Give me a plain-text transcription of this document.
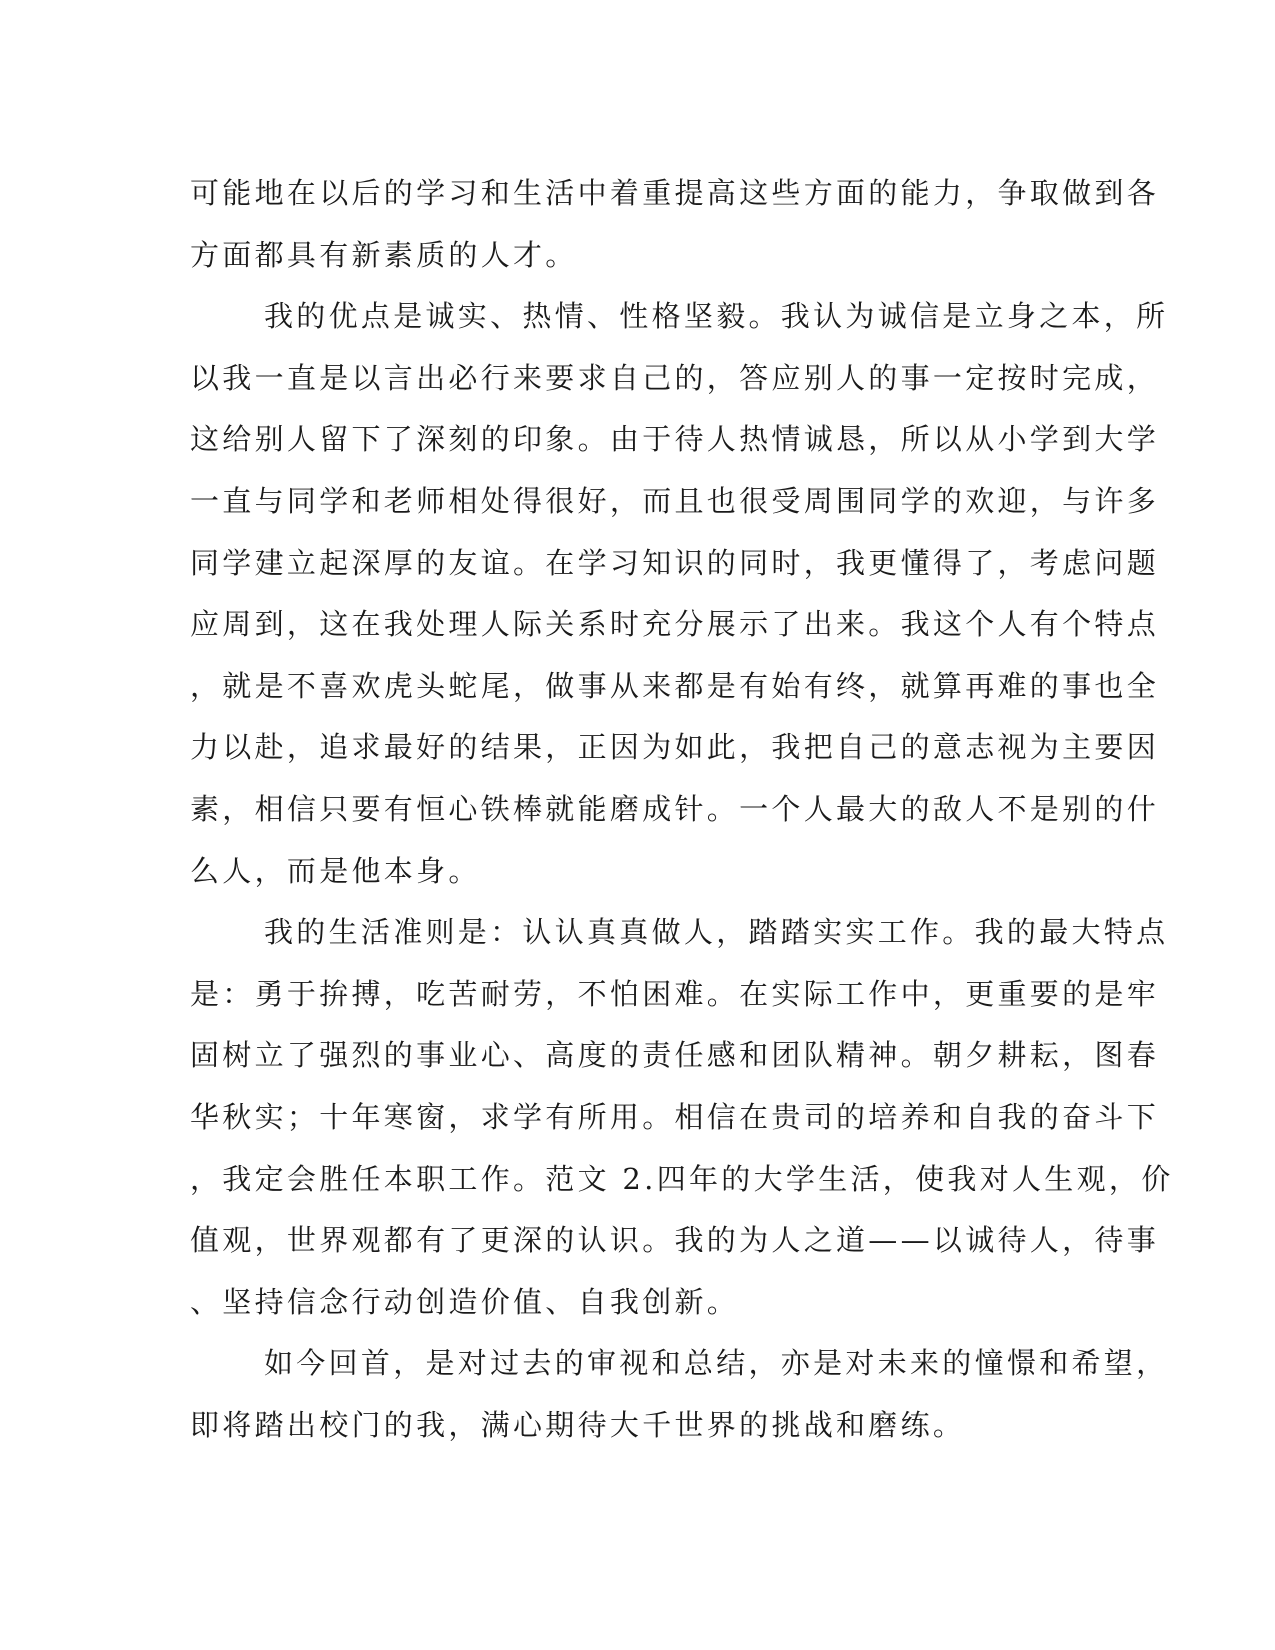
可能地在以后的学习和生活中着重提高这些方面的能力，争取做到各
方面都具有新素质的人才。
我的优点是诚实、热情、性格坚毅。我认为诚信是立身之本，所
以我一直是以言出必行来要求自己的，答应别人的事一定按时完成，
这给别人留下了深刻的印象。由于待人热情诚恳，所以从小学到大学
一直与同学和老师相处得很好，而且也很受周围同学的欢迎，与许多
同学建立起深厚的友谊。在学习知识的同时，我更懂得了，考虑问题
应周到，这在我处理人际关系时充分展示了出来。我这个人有个特点
，就是不喜欢虎头蛇尾，做事从来都是有始有终，就算再难的事也全
力以赴，追求最好的结果，正因为如此，我把自己的意志视为主要因
素，相信只要有恒心铁棒就能磨成针。一个人最大的敌人不是别的什
么人，而是他本身。
我的生活准则是：认认真真做人，踏踏实实工作。我的最大特点
是：勇于拚搏，吃苦耐劳，不怕困难。在实际工作中，更重要的是牢
固树立了强烈的事业心、高度的责任感和团队精神。朝夕耕耘，图春
华秋实；十年寒窗，求学有所用。相信在贵司的培养和自我的奋斗下
，我定会胜任本职工作。范文 2.四年的大学生活，使我对人生观，价
值观，世界观都有了更深的认识。我的为人之道——以诚待人，待事
、坚持信念行动创造价值、自我创新。
如今回首，是对过去的审视和总结，亦是对未来的憧憬和希望，
即将踏出校门的我，满心期待大千世界的挑战和磨练。
